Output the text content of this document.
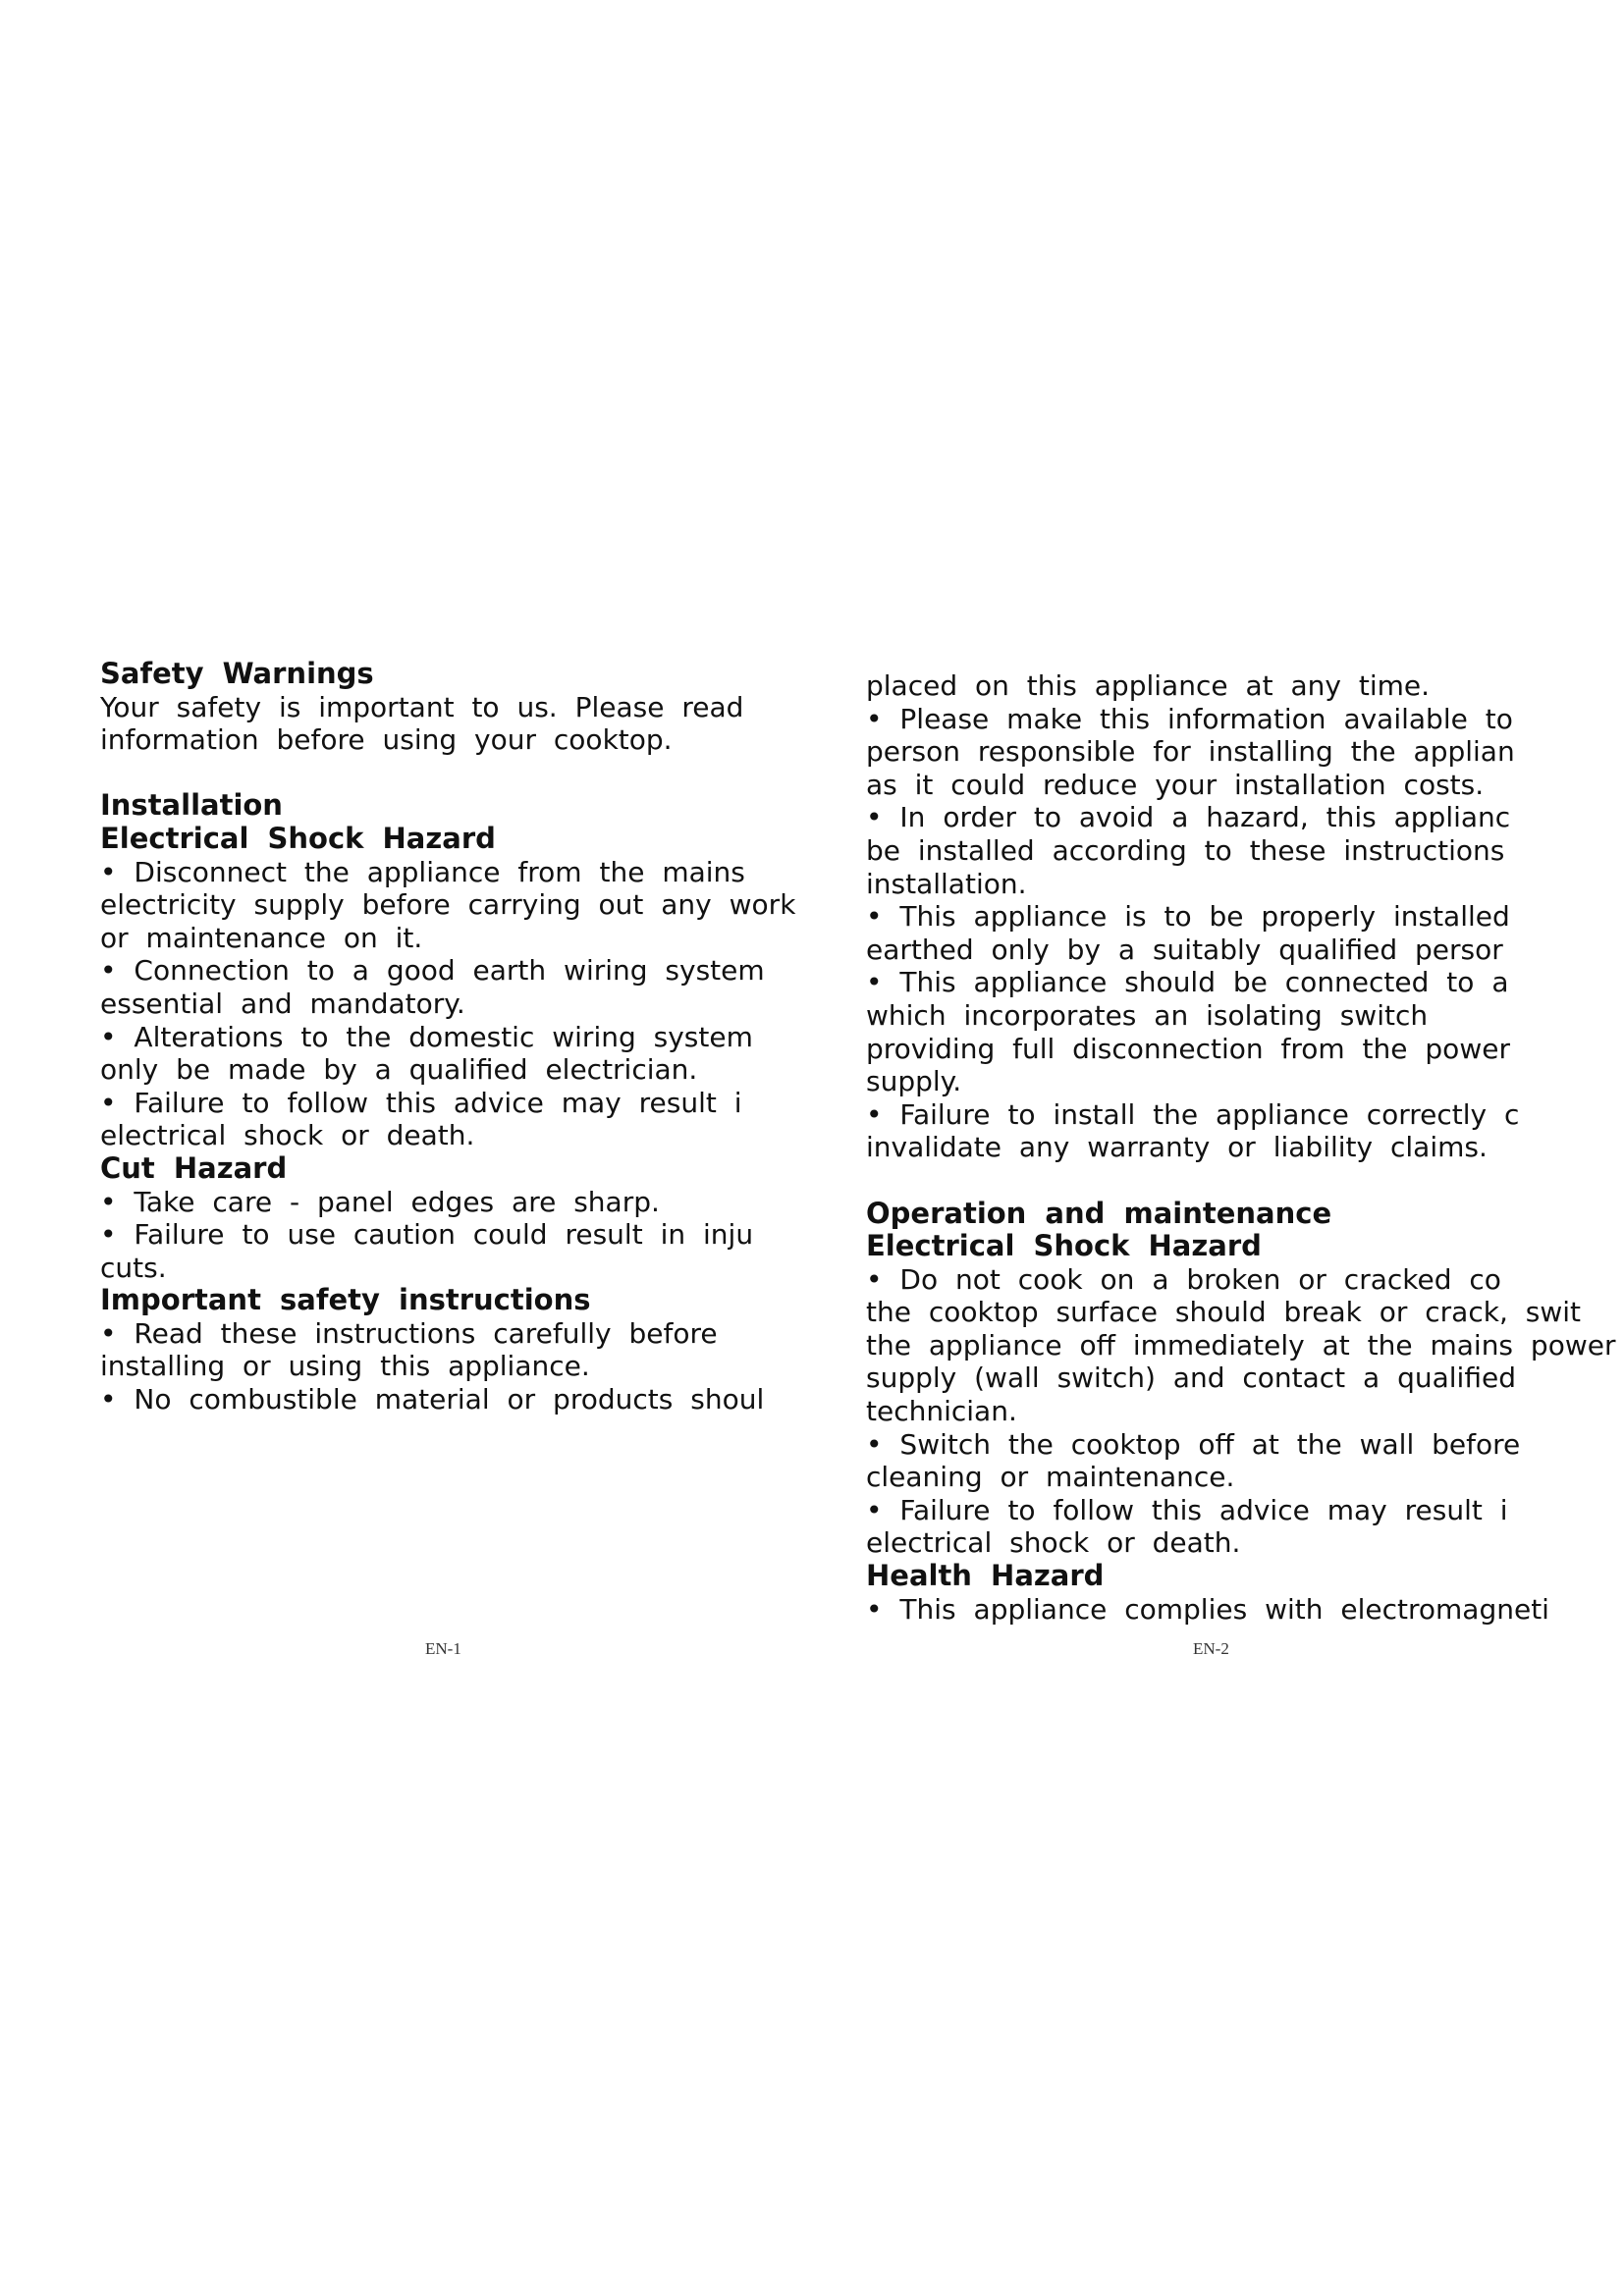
Safety Warnings
Your safety is important to us. Please read
information before using your cooktop.
Installation
Electrical Shock Hazard
• Disconnect the appliance from the mains
electricity supply before carrying out any work
or maintenance on it.
• Connection to a good earth wiring system
essential and mandatory.
• Alterations to the domestic wiring system
only be made by a qualified electrician.
• Failure to follow this advice may result i
electrical shock or death.
Cut Hazard
• Take care - panel edges are sharp.
• Failure to use caution could result in inju
cuts.
Important safety instructions
• Read these instructions carefully before
installing or using this appliance.
• No combustible material or products shoul
placed on this appliance at any time.
• Please make this information available to
person responsible for installing the applian
as it could reduce your installation costs.
• In order to avoid a hazard, this applianc
be installed according to these instructions
installation.
• This appliance is to be properly installed
earthed only by a suitably qualified persor
• This appliance should be connected to a
which incorporates an isolating switch
providing full disconnection from the power
supply.
• Failure to install the appliance correctly c
invalidate any warranty or liability claims.
Operation and maintenance
Electrical Shock Hazard
• Do not cook on a broken or cracked co
the cooktop surface should break or crack, swit
the appliance off immediately at the mains power
supply (wall switch) and contact a qualified
technician.
• Switch the cooktop off at the wall before
cleaning or maintenance.
• Failure to follow this advice may result i
electrical shock or death.
Health Hazard
• This appliance complies with electromagneti
EN-1	EN-2
